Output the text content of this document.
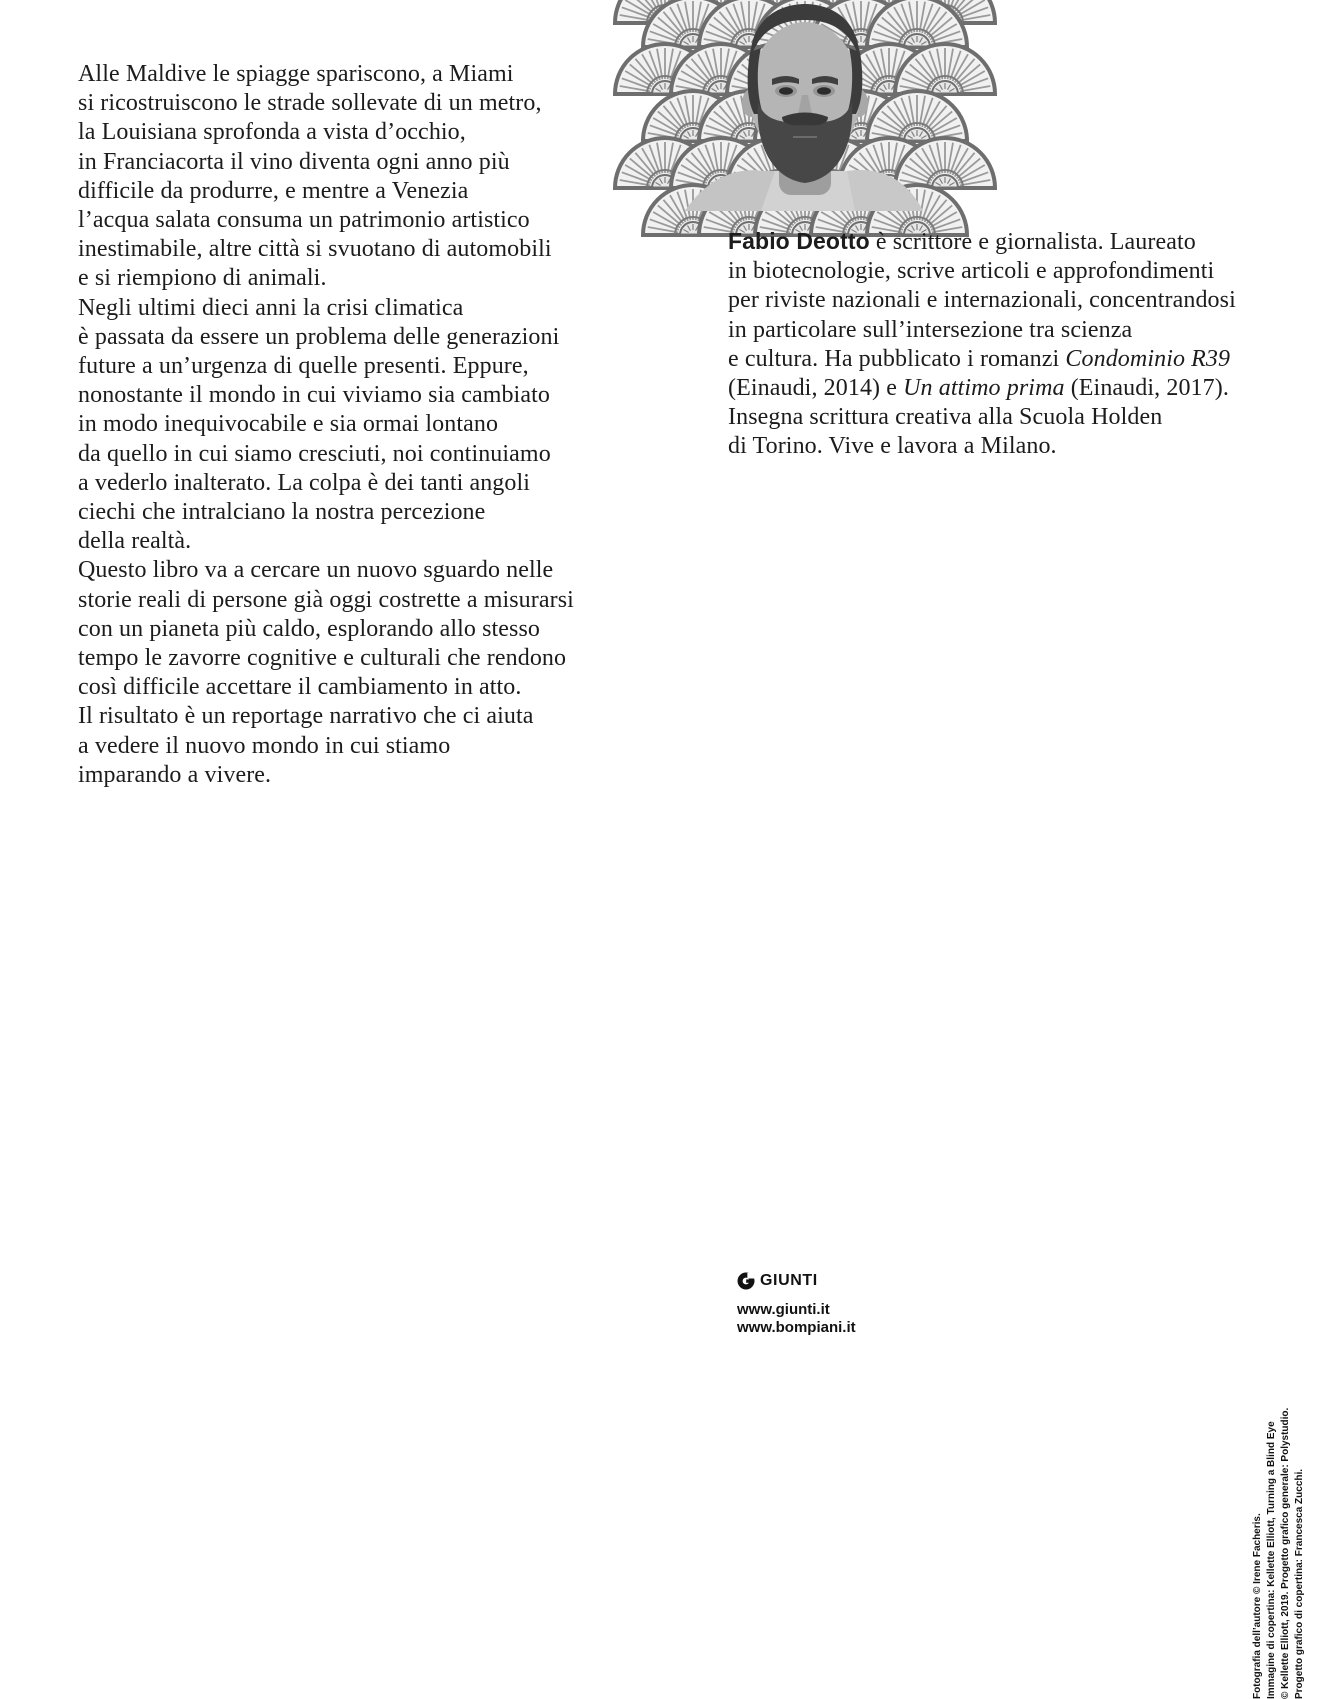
Alle Maldive le spiagge spariscono, a Miami
si ricostruiscono le strade sollevate di un metro,
la Louisiana sprofonda a vista d’occhio,
in Franciacorta il vino diventa ogni anno più
difficile da produrre, e mentre a Venezia
l’acqua salata consuma un patrimonio artistico
inestimabile, altre città si svuotano di automobili
e si riempiono di animali.
Negli ultimi dieci anni la crisi climatica
è passata da essere un problema delle generazioni
future a un’urgenza di quelle presenti. Eppure,
nonostante il mondo in cui viviamo sia cambiato
in modo inequivocabile e sia ormai lontano
da quello in cui siamo cresciuti, noi continuiamo
a vederlo inalterato. La colpa è dei tanti angoli
ciechi che intralciano la nostra percezione
della realtà.
Questo libro va a cercare un nuovo sguardo nelle
storie reali di persone già oggi costrette a misurarsi
con un pianeta più caldo, esplorando allo stesso
tempo le zavorre cognitive e culturali che rendono
così difficile accettare il cambiamento in atto.
Il risultato è un reportage narrativo che ci aiuta
a vedere il nuovo mondo in cui stiamo
imparando a vivere.
Fabio Deotto è scrittore e giornalista. Laureato
in biotecnologie, scrive articoli e approfondimenti
per riviste nazionali e internazionali, concentrandosi
in particolare sull’intersezione tra scienza
e cultura. Ha pubblicato i romanzi Condominio R39
(Einaudi, 2014) e Un attimo prima (Einaudi, 2017).
Insegna scrittura creativa alla Scuola Holden
di Torino. Vive e lavora a Milano.
GIUNTI
www.giunti.it
www.bompiani.it
Fotografia dell’autore © Irene Facheris. Immagine di copertina: Kellette Elliott, Turning a Blind Eye © Kellette Elliott, 2019. Progetto grafico generale: Polystudio. Progetto grafico di copertina: Francesca Zucchi.
